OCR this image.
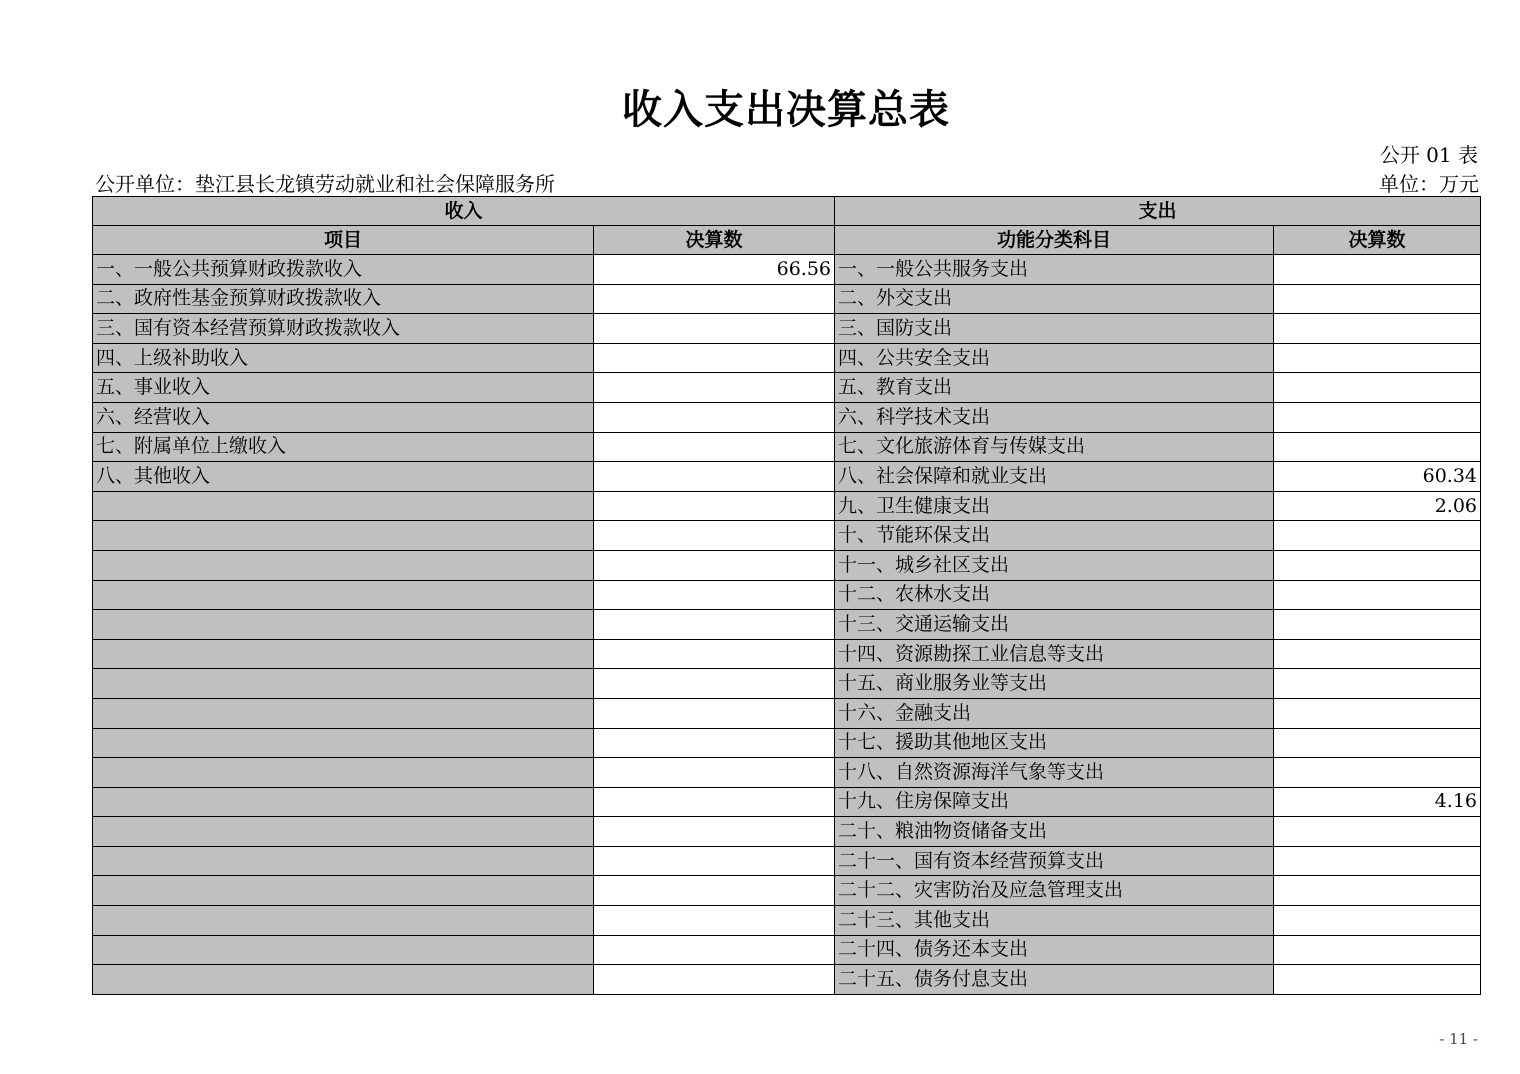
收入支出决算总表
公开 01 表
公开单位：垫江县长龙镇劳动就业和社会保障服务所	单位：万元
收入		支出	
项目	决算数	功能分类科目	决算数
一、一般公共预算财政拨款收入	66.56	一、一般公共服务支出	
二、政府性基金预算财政拨款收入		二、外交支出	
三、国有资本经营预算财政拨款收入		三、国防支出	
四、上级补助收入		四、公共安全支出	
五、事业收入		五、教育支出	
六、经营收入		六、科学技术支出	
七、附属单位上缴收入		七、文化旅游体育与传媒支出	
八、其他收入		八、社会保障和就业支出	60.34
		九、卫生健康支出	2.06
		十、节能环保支出	
		十一、城乡社区支出	
		十二、农林水支出	
		十三、交通运输支出	
		十四、资源勘探工业信息等支出	
		十五、商业服务业等支出	
		十六、金融支出	
		十七、援助其他地区支出	
		十八、自然资源海洋气象等支出	
		十九、住房保障支出	4.16
		二十、粮油物资储备支出	
		二十一、国有资本经营预算支出	
		二十二、灾害防治及应急管理支出	
		二十三、其他支出	
		二十四、债务还本支出	
		二十五、债务付息支出	
- 11 -
